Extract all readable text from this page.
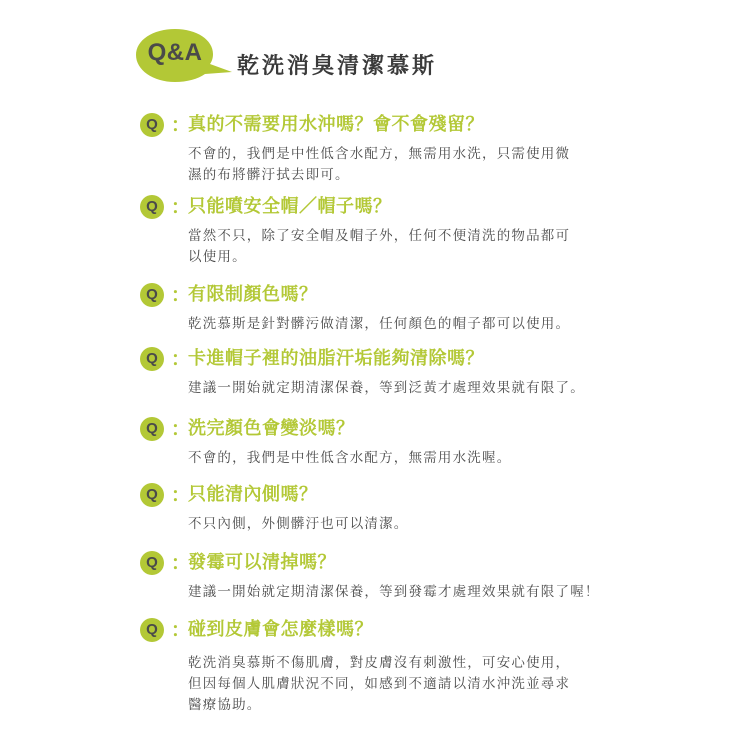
Q&A
乾洗消臭清潔慕斯
Q ：
真的不需要用水沖嗎？會不會殘留？
不會的，我們是中性低含水配方，無需用水洗，只需使用微
濕的布將髒汙拭去即可。
Q ：
只能噴安全帽／帽子嗎？
當然不只，除了安全帽及帽子外，任何不便清洗的物品都可
以使用。
Q ：
有限制顏色嗎？
乾洗慕斯是針對髒污做清潔，任何顏色的帽子都可以使用。
Q ：
卡進帽子裡的油脂汗垢能夠清除嗎？
建議一開始就定期清潔保養，等到泛黃才處理效果就有限了。
Q ：
洗完顏色會變淡嗎？
不會的，我們是中性低含水配方，無需用水洗喔。
Q ：
只能清內側嗎？
不只內側，外側髒汙也可以清潔。
Q ：
發霉可以清掉嗎？
建議一開始就定期清潔保養，等到發霉才處理效果就有限了喔！
Q ：
碰到皮膚會怎麼樣嗎？
乾洗消臭慕斯不傷肌膚，對皮膚沒有刺激性，可安心使用，
但因每個人肌膚狀況不同，如感到不適請以清水沖洗並尋求
醫療協助。
